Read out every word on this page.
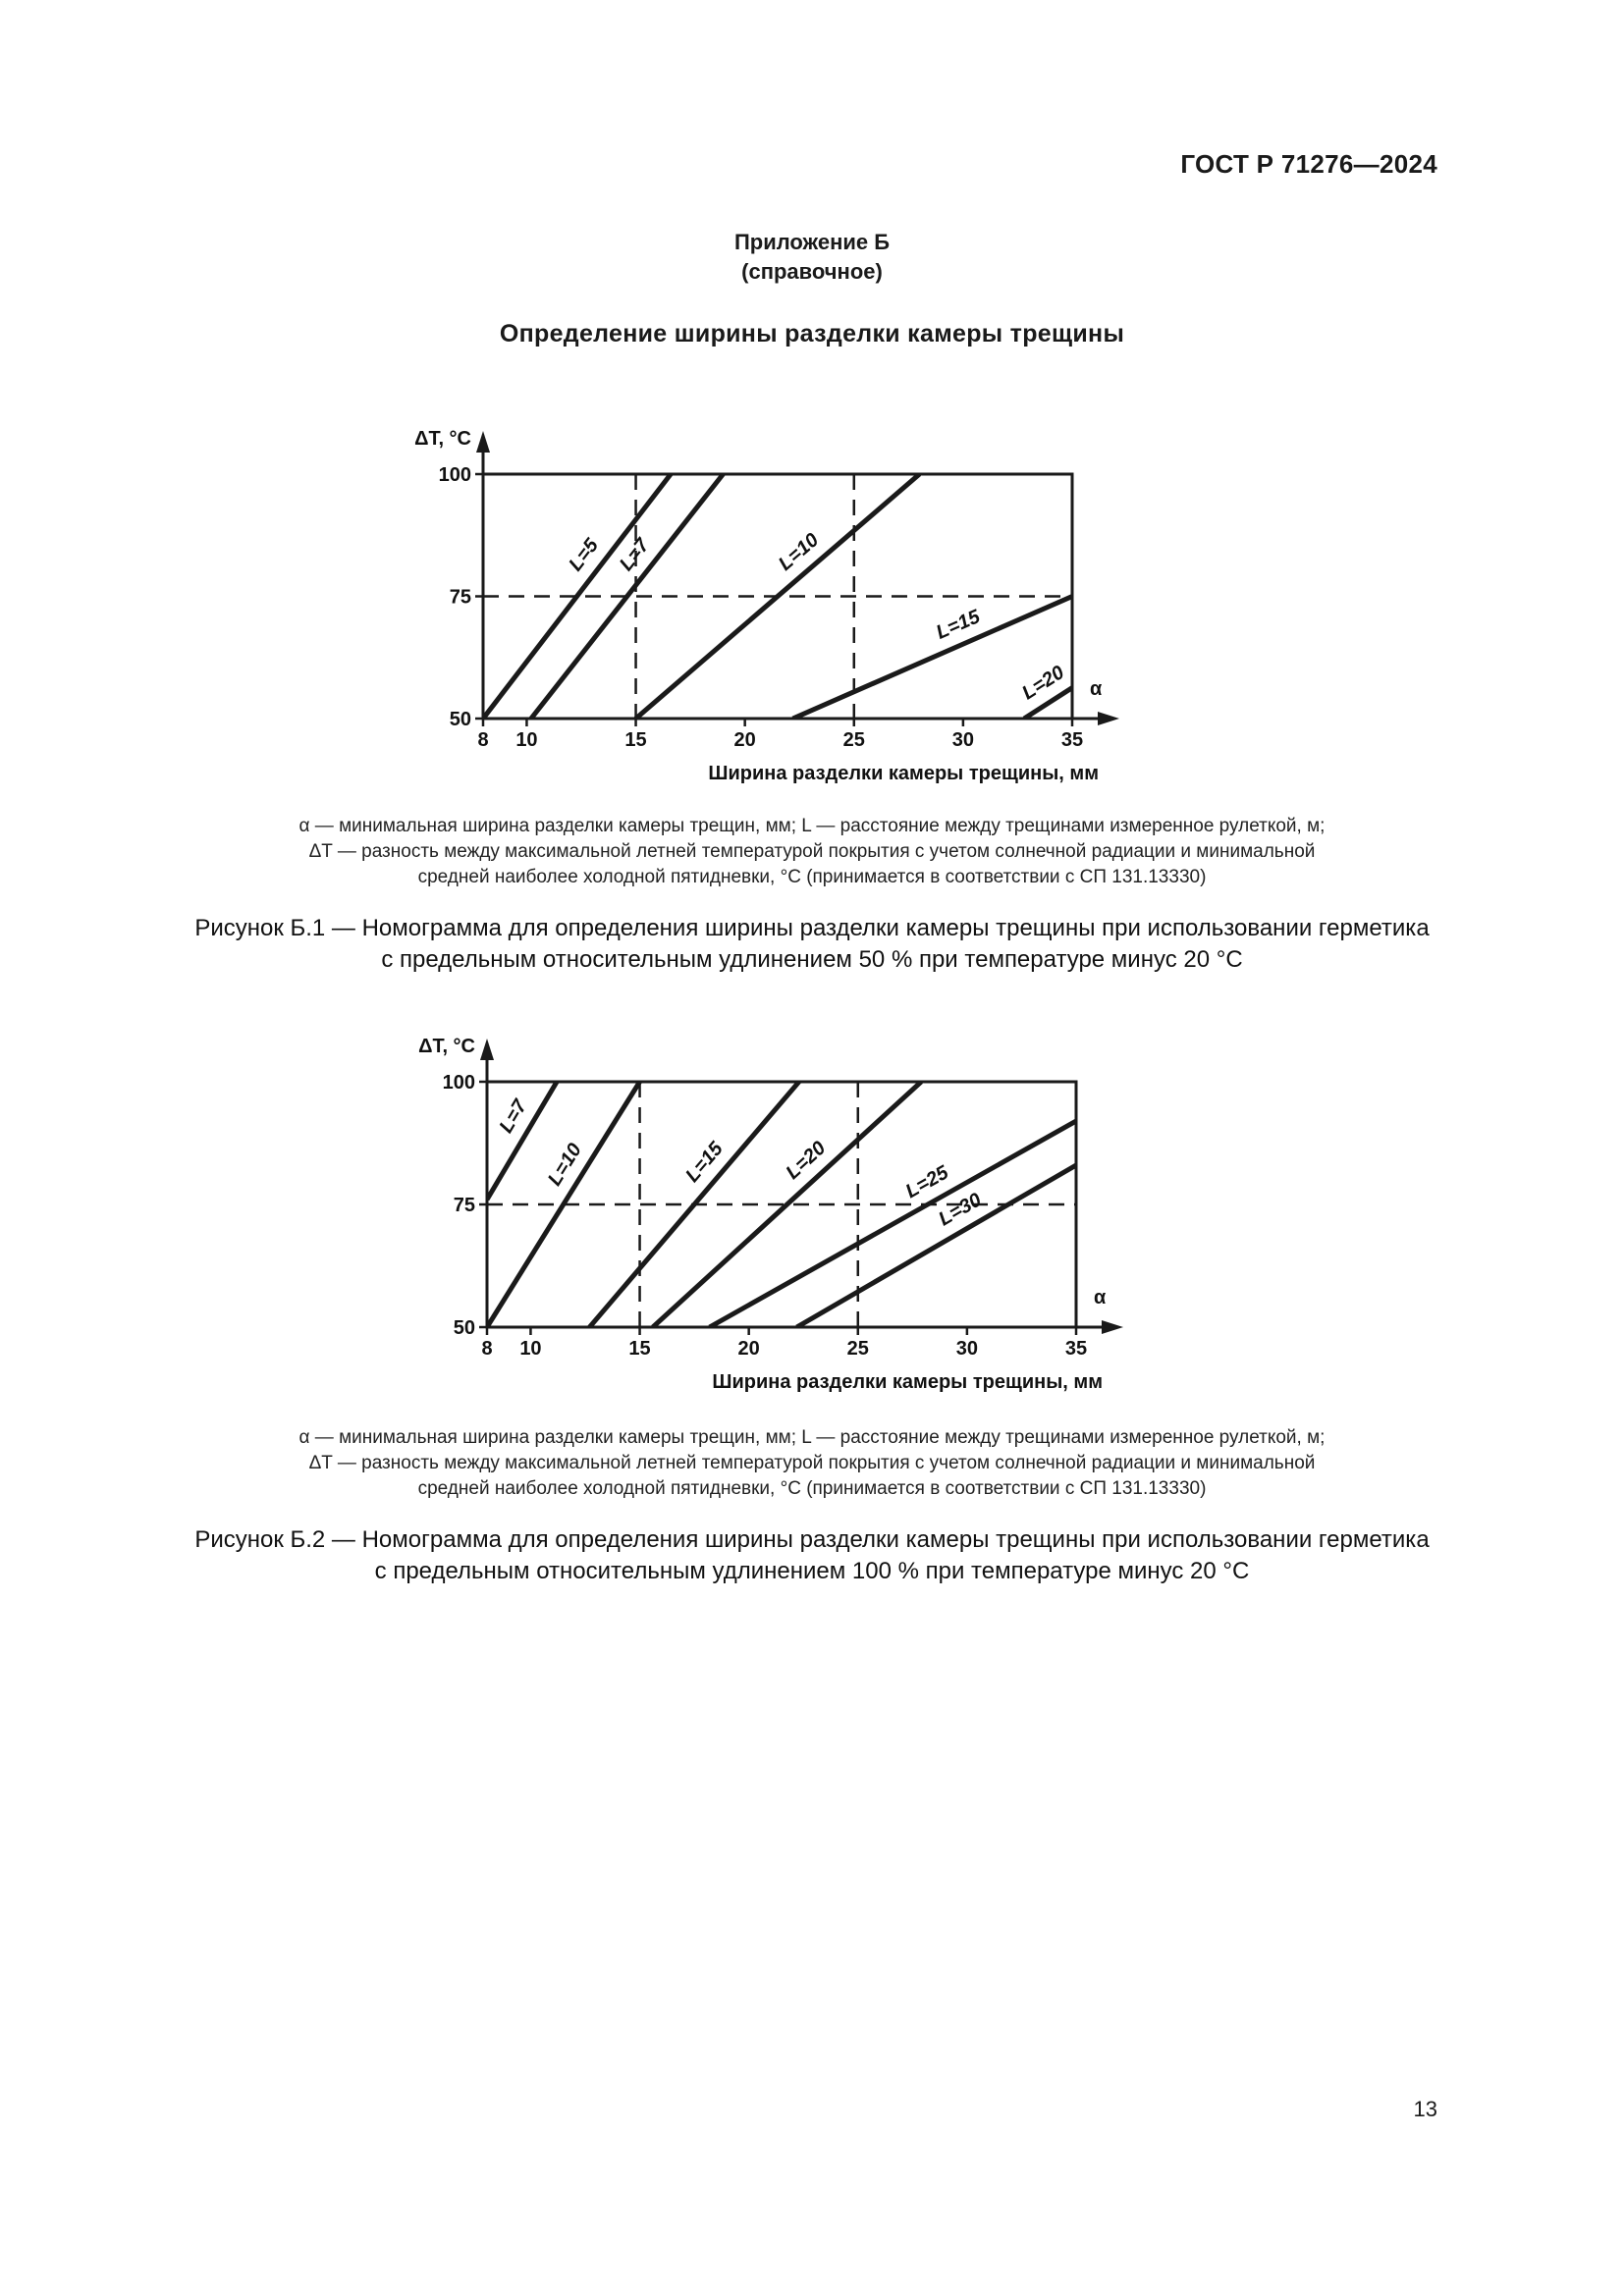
ГОСТ Р 71276—2024
Приложение Б
(справочное)
Определение ширины разделки камеры трещины
8 10	15	20	25	30	35
50
75
100
ΔT, °С
Ширина разделки камеры трещины, мм
α
L=5 L=7	L=10
L=15
L=20
α — минимальная ширина разделки камеры трещин, мм; L — расстояние между трещинами измеренное рулеткой, м;
ΔT — разность между максимальной летней температурой покрытия с учетом солнечной радиации и минимальной
средней наиболее холодной пятидневки, °С (принимается в соответствии с СП 131.13330)
Рисунок Б.1 — Номограмма для определения ширины разделки камеры трещины при использовании герметика
с предельным относительным удлинением 50 % при температуре минус 20 °С
8 10	15	20	25	30	35
50
75
100
ΔT, °С
Ширина разделки камеры трещины, мм
α
L=7
L=10	L=15	L=20	L=25
L=30
α — минимальная ширина разделки камеры трещин, мм; L — расстояние между трещинами измеренное рулеткой, м;
ΔT — разность между максимальной летней температурой покрытия с учетом солнечной радиации и минимальной
средней наиболее холодной пятидневки, °С (принимается в соответствии с СП 131.13330)
Рисунок Б.2 — Номограмма для определения ширины разделки камеры трещины при использовании герметика
с предельным относительным удлинением 100 % при температуре минус 20 °С
13
